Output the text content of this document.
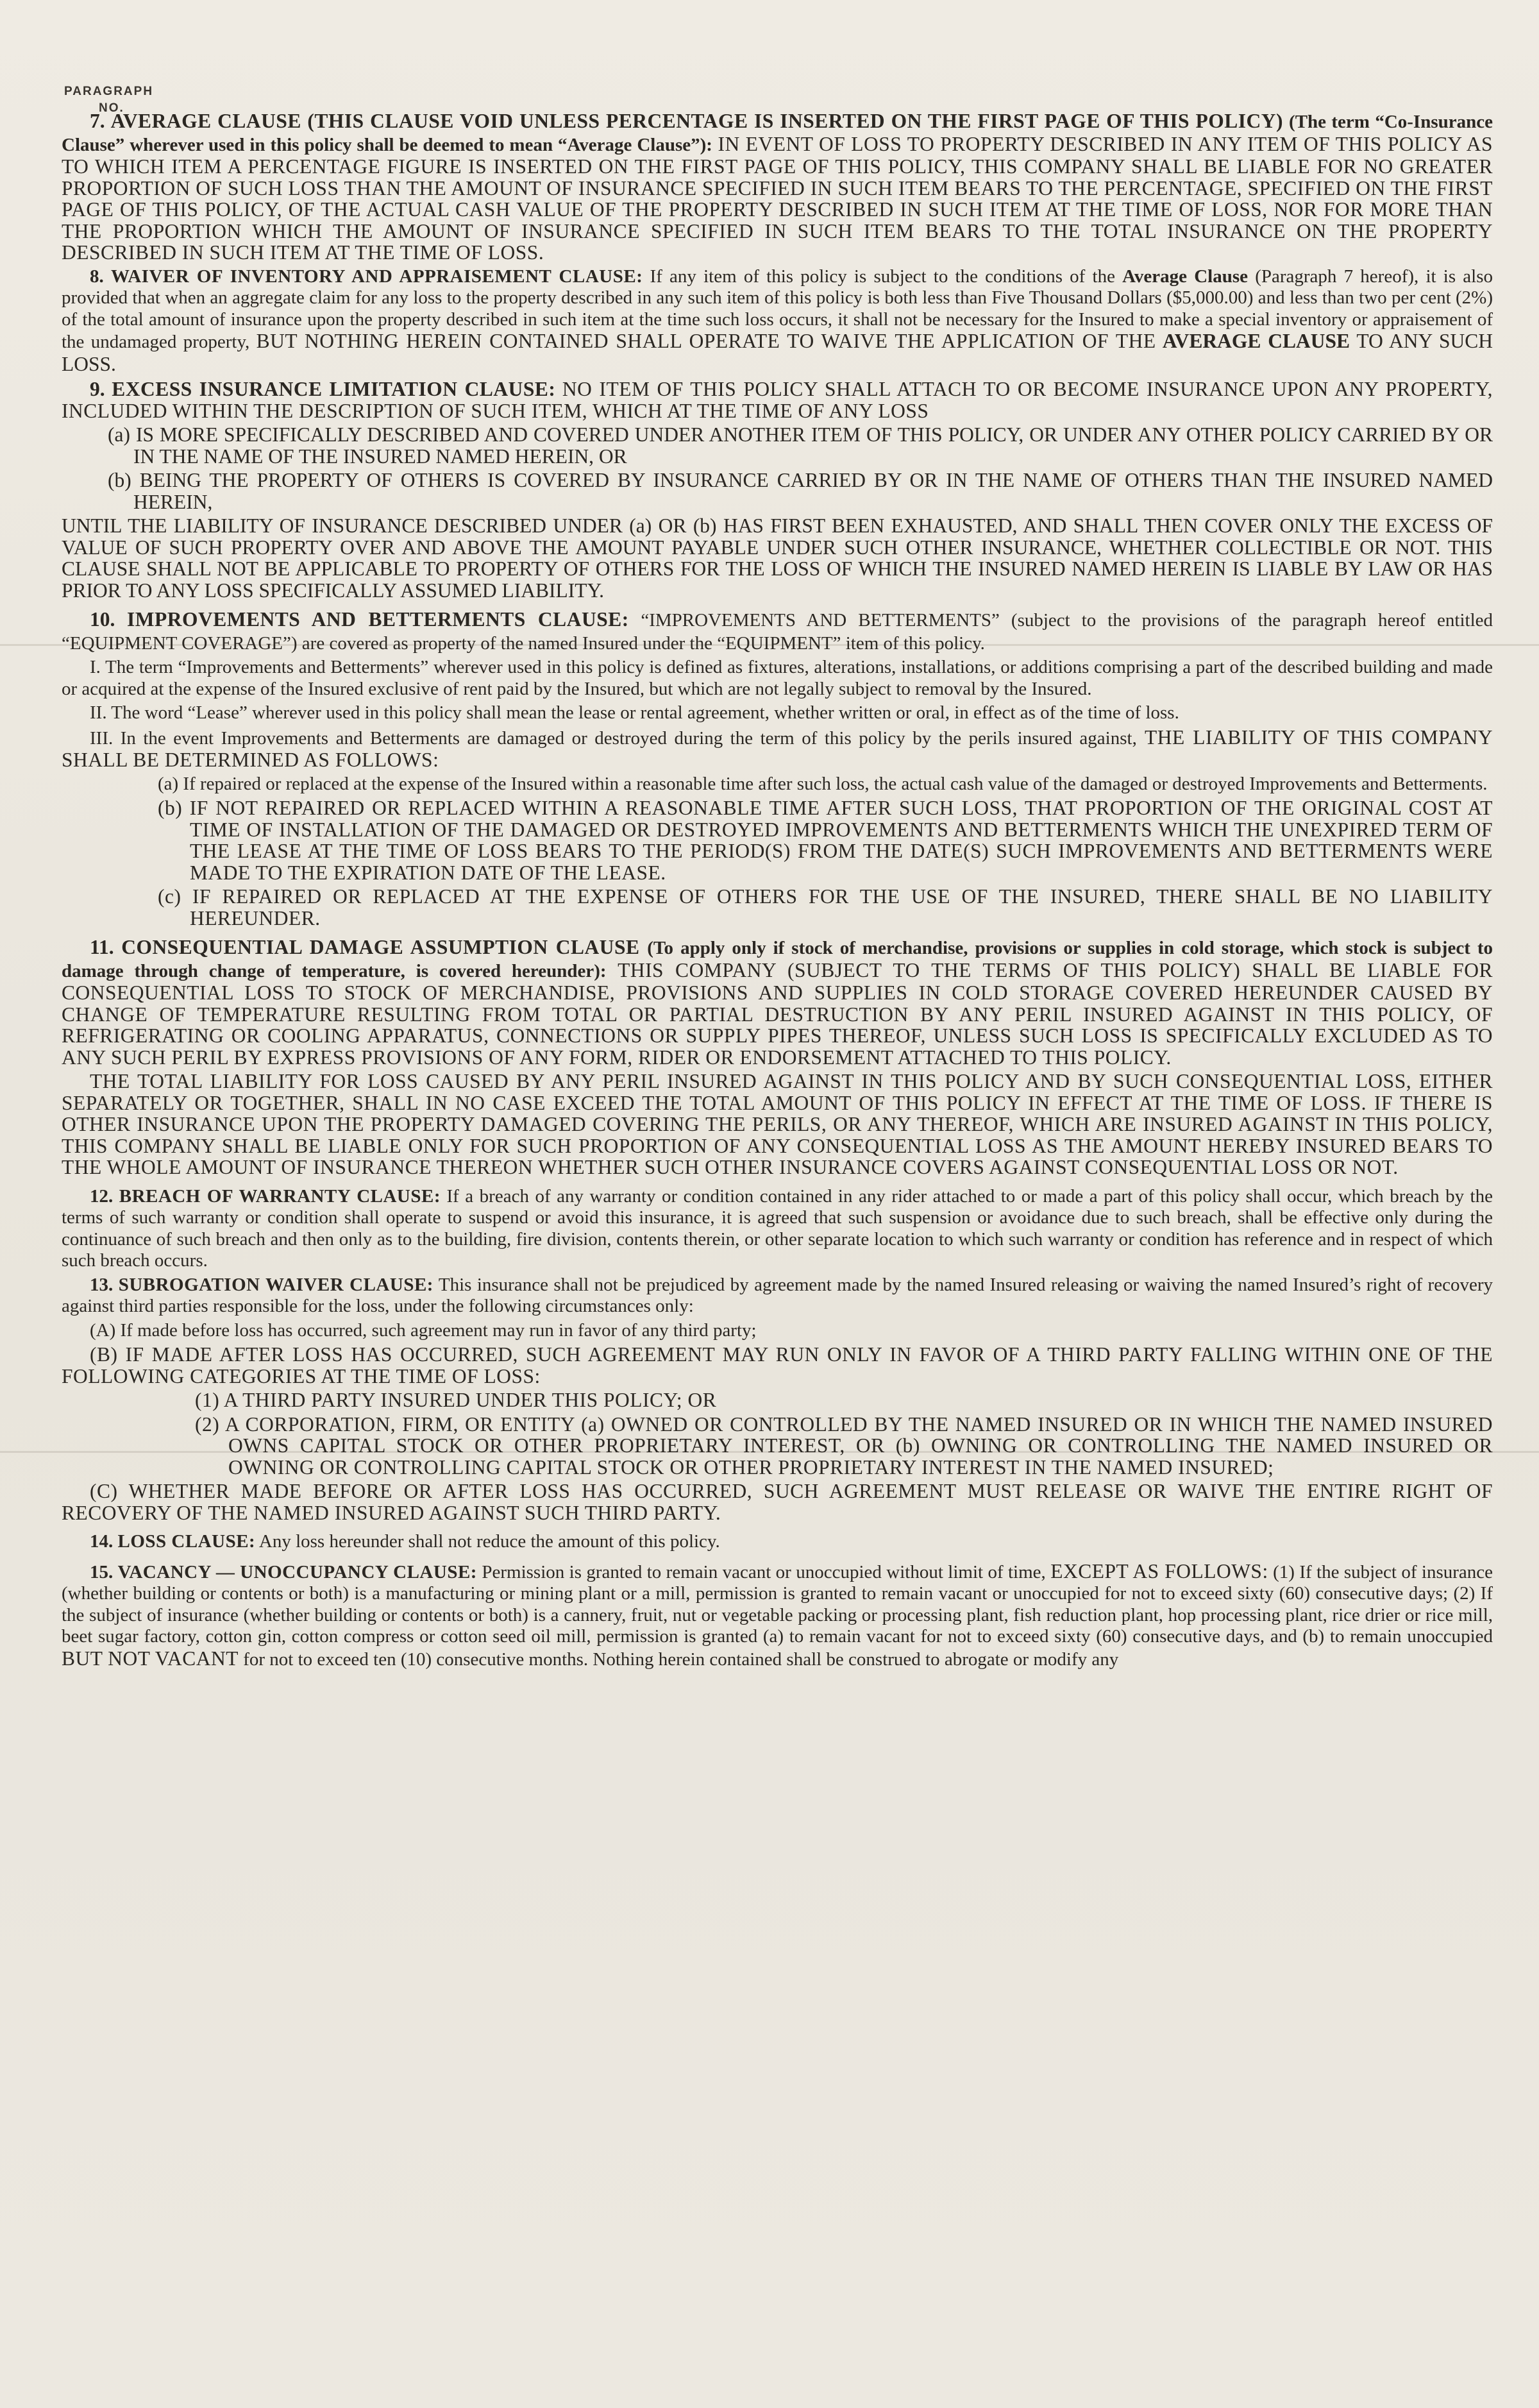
PARAGRAPH
NO.

7. AVERAGE CLAUSE (THIS CLAUSE VOID UNLESS PERCENTAGE IS INSERTED ON THE FIRST PAGE OF THIS POLICY) (The term “Co-Insurance Clause” wherever used in this policy shall be deemed to mean “Average Clause”): IN EVENT OF LOSS TO PROPERTY DESCRIBED IN ANY ITEM OF THIS POLICY AS TO WHICH ITEM A PERCENTAGE FIGURE IS INSERTED ON THE FIRST PAGE OF THIS POLICY, THIS COMPANY SHALL BE LIABLE FOR NO GREATER PROPORTION OF SUCH LOSS THAN THE AMOUNT OF INSURANCE SPECIFIED IN SUCH ITEM BEARS TO THE PERCENTAGE, SPECIFIED ON THE FIRST PAGE OF THIS POLICY, OF THE ACTUAL CASH VALUE OF THE PROPERTY DESCRIBED IN SUCH ITEM AT THE TIME OF LOSS, NOR FOR MORE THAN THE PROPORTION WHICH THE AMOUNT OF INSURANCE SPECIFIED IN SUCH ITEM BEARS TO THE TOTAL INSURANCE ON THE PROPERTY DESCRIBED IN SUCH ITEM AT THE TIME OF LOSS.

8. WAIVER OF INVENTORY AND APPRAISEMENT CLAUSE: If any item of this policy is subject to the conditions of the Average Clause (Paragraph 7 hereof), it is also provided that when an aggregate claim for any loss to the property described in any such item of this policy is both less than Five Thousand Dollars ($5,000.00) and less than two per cent (2%) of the total amount of insurance upon the property described in such item at the time such loss occurs, it shall not be necessary for the Insured to make a special inventory or appraisement of the undamaged property, BUT NOTHING HEREIN CONTAINED SHALL OPERATE TO WAIVE THE APPLICATION OF THE AVERAGE CLAUSE TO ANY SUCH LOSS.

9. EXCESS INSURANCE LIMITATION CLAUSE: NO ITEM OF THIS POLICY SHALL ATTACH TO OR BECOME INSURANCE UPON ANY PROPERTY, INCLUDED WITHIN THE DESCRIPTION OF SUCH ITEM, WHICH AT THE TIME OF ANY LOSS

(a) IS MORE SPECIFICALLY DESCRIBED AND COVERED UNDER ANOTHER ITEM OF THIS POLICY, OR UNDER ANY OTHER POLICY CARRIED BY OR IN THE NAME OF THE INSURED NAMED HEREIN, OR

(b) BEING THE PROPERTY OF OTHERS IS COVERED BY INSURANCE CARRIED BY OR IN THE NAME OF OTHERS THAN THE INSURED NAMED HEREIN,

UNTIL THE LIABILITY OF INSURANCE DESCRIBED UNDER (a) OR (b) HAS FIRST BEEN EXHAUSTED, AND SHALL THEN COVER ONLY THE EXCESS OF VALUE OF SUCH PROPERTY OVER AND ABOVE THE AMOUNT PAYABLE UNDER SUCH OTHER INSURANCE, WHETHER COLLECTIBLE OR NOT. THIS CLAUSE SHALL NOT BE APPLICABLE TO PROPERTY OF OTHERS FOR THE LOSS OF WHICH THE INSURED NAMED HEREIN IS LIABLE BY LAW OR HAS PRIOR TO ANY LOSS SPECIFICALLY ASSUMED LIABILITY.

10. IMPROVEMENTS AND BETTERMENTS CLAUSE: “IMPROVEMENTS AND BETTERMENTS” (subject to the provisions of the paragraph hereof entitled “EQUIPMENT COVERAGE”) are covered as property of the named Insured under the “EQUIPMENT” item of this policy.

I. The term “Improvements and Betterments” wherever used in this policy is defined as fixtures, alterations, installations, or additions comprising a part of the described building and made or acquired at the expense of the Insured exclusive of rent paid by the Insured, but which are not legally subject to removal by the Insured.

II. The word “Lease” wherever used in this policy shall mean the lease or rental agreement, whether written or oral, in effect as of the time of loss.

III. In the event Improvements and Betterments are damaged or destroyed during the term of this policy by the perils insured against, THE LIABILITY OF THIS COMPANY SHALL BE DETERMINED AS FOLLOWS:

(a) If repaired or replaced at the expense of the Insured within a reasonable time after such loss, the actual cash value of the damaged or destroyed Improvements and Betterments.

(b) IF NOT REPAIRED OR REPLACED WITHIN A REASONABLE TIME AFTER SUCH LOSS, THAT PROPORTION OF THE ORIGINAL COST AT TIME OF INSTALLATION OF THE DAMAGED OR DESTROYED IMPROVEMENTS AND BETTERMENTS WHICH THE UNEXPIRED TERM OF THE LEASE AT THE TIME OF LOSS BEARS TO THE PERIOD(S) FROM THE DATE(S) SUCH IMPROVEMENTS AND BETTERMENTS WERE MADE TO THE EXPIRATION DATE OF THE LEASE.

(c) IF REPAIRED OR REPLACED AT THE EXPENSE OF OTHERS FOR THE USE OF THE INSURED, THERE SHALL BE NO LIABILITY HEREUNDER.

11. CONSEQUENTIAL DAMAGE ASSUMPTION CLAUSE (To apply only if stock of merchandise, provisions or supplies in cold storage, which stock is subject to damage through change of temperature, is covered hereunder): THIS COMPANY (SUBJECT TO THE TERMS OF THIS POLICY) SHALL BE LIABLE FOR CONSEQUENTIAL LOSS TO STOCK OF MERCHANDISE, PROVISIONS AND SUPPLIES IN COLD STORAGE COVERED HEREUNDER CAUSED BY CHANGE OF TEMPERATURE RESULTING FROM TOTAL OR PARTIAL DESTRUCTION BY ANY PERIL INSURED AGAINST IN THIS POLICY, OF REFRIGERATING OR COOLING APPARATUS, CONNECTIONS OR SUPPLY PIPES THEREOF, UNLESS SUCH LOSS IS SPECIFICALLY EXCLUDED AS TO ANY SUCH PERIL BY EXPRESS PROVISIONS OF ANY FORM, RIDER OR ENDORSEMENT ATTACHED TO THIS POLICY.

THE TOTAL LIABILITY FOR LOSS CAUSED BY ANY PERIL INSURED AGAINST IN THIS POLICY AND BY SUCH CONSEQUENTIAL LOSS, EITHER SEPARATELY OR TOGETHER, SHALL IN NO CASE EXCEED THE TOTAL AMOUNT OF THIS POLICY IN EFFECT AT THE TIME OF LOSS. IF THERE IS OTHER INSURANCE UPON THE PROPERTY DAMAGED COVERING THE PERILS, OR ANY THEREOF, WHICH ARE INSURED AGAINST IN THIS POLICY, THIS COMPANY SHALL BE LIABLE ONLY FOR SUCH PROPORTION OF ANY CONSEQUENTIAL LOSS AS THE AMOUNT HEREBY INSURED BEARS TO THE WHOLE AMOUNT OF INSURANCE THEREON WHETHER SUCH OTHER INSURANCE COVERS AGAINST CONSEQUENTIAL LOSS OR NOT.

12. BREACH OF WARRANTY CLAUSE: If a breach of any warranty or condition contained in any rider attached to or made a part of this policy shall occur, which breach by the terms of such warranty or condition shall operate to suspend or avoid this insurance, it is agreed that such suspension or avoidance due to such breach, shall be effective only during the continuance of such breach and then only as to the building, fire division, contents therein, or other separate location to which such warranty or condition has reference and in respect of which such breach occurs.

13. SUBROGATION WAIVER CLAUSE: This insurance shall not be prejudiced by agreement made by the named Insured releasing or waiving the named Insured’s right of recovery against third parties responsible for the loss, under the following circumstances only:

(A) If made before loss has occurred, such agreement may run in favor of any third party;

(B) IF MADE AFTER LOSS HAS OCCURRED, SUCH AGREEMENT MAY RUN ONLY IN FAVOR OF A THIRD PARTY FALLING WITHIN ONE OF THE FOLLOWING CATEGORIES AT THE TIME OF LOSS:

(1) A THIRD PARTY INSURED UNDER THIS POLICY; OR

(2) A CORPORATION, FIRM, OR ENTITY (a) OWNED OR CONTROLLED BY THE NAMED INSURED OR IN WHICH THE NAMED INSURED OWNS CAPITAL STOCK OR OTHER PROPRIETARY INTEREST, OR (b) OWNING OR CONTROLLING THE NAMED INSURED OR OWNING OR CONTROLLING CAPITAL STOCK OR OTHER PROPRIETARY INTEREST IN THE NAMED INSURED;

(C) WHETHER MADE BEFORE OR AFTER LOSS HAS OCCURRED, SUCH AGREEMENT MUST RELEASE OR WAIVE THE ENTIRE RIGHT OF RECOVERY OF THE NAMED INSURED AGAINST SUCH THIRD PARTY.

14. LOSS CLAUSE: Any loss hereunder shall not reduce the amount of this policy.

15. VACANCY — UNOCCUPANCY CLAUSE: Permission is granted to remain vacant or unoccupied without limit of time, EXCEPT AS FOLLOWS: (1) If the subject of insurance (whether building or contents or both) is a manufacturing or mining plant or a mill, permission is granted to remain vacant or unoccupied for not to exceed sixty (60) consecutive days; (2) If the subject of insurance (whether building or contents or both) is a cannery, fruit, nut or vegetable packing or processing plant, fish reduction plant, hop processing plant, rice drier or rice mill, beet sugar factory, cotton gin, cotton compress or cotton seed oil mill, permission is granted (a) to remain vacant for not to exceed sixty (60) consecutive days, and (b) to remain unoccupied BUT NOT VACANT for not to exceed ten (10) consecutive months. Nothing herein contained shall be construed to abrogate or modify any
